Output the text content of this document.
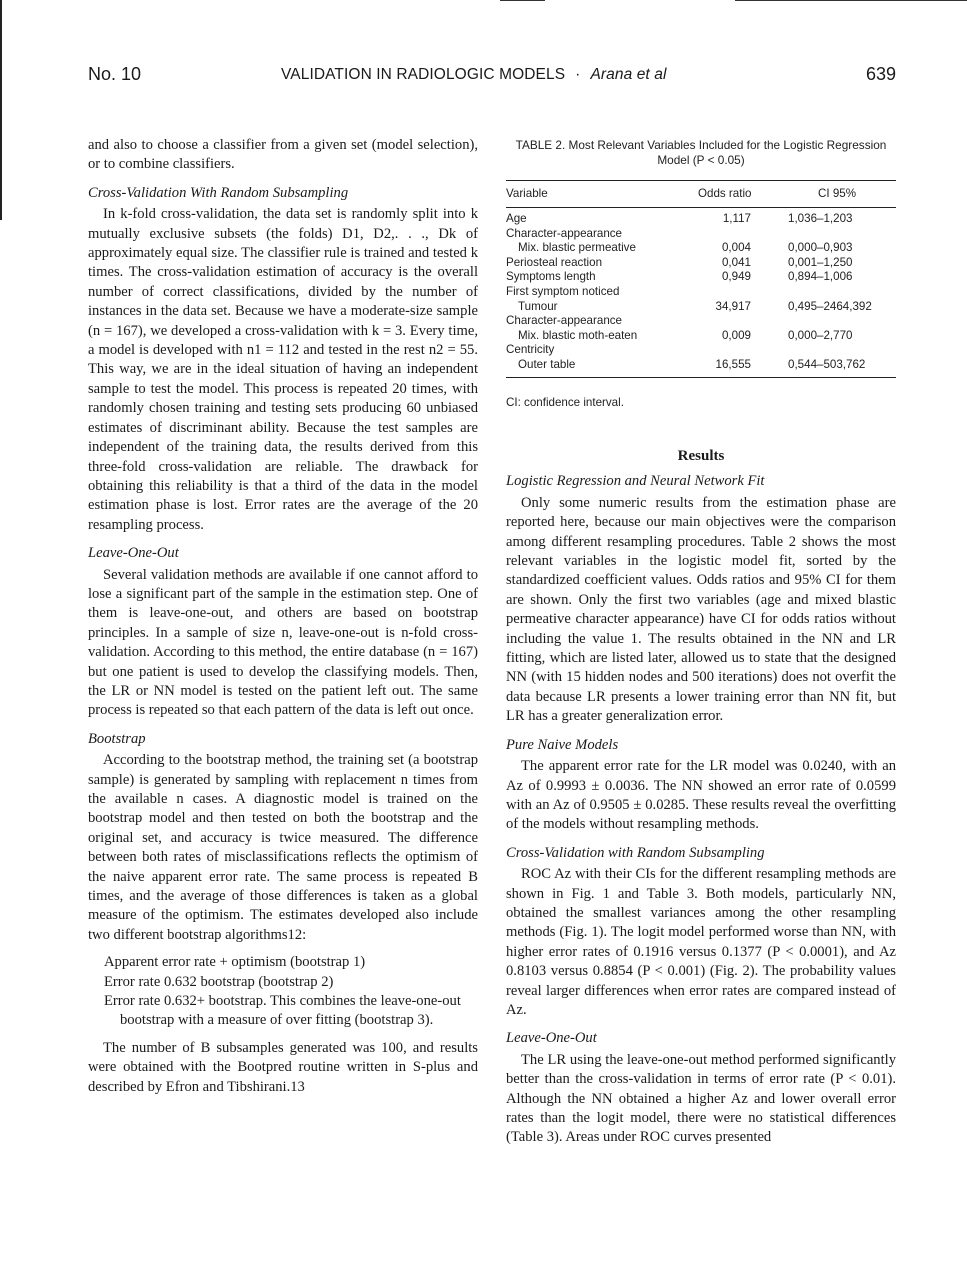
No. 10	VALIDATION IN RADIOLOGIC MODELS · Arana et al	639

and also to choose a classifier from a given set (model selection), or to combine classifiers.

Cross-Validation With Random Subsampling

In k-fold cross-validation, the data set is randomly split into k mutually exclusive subsets (the folds) D1, D2,. . ., Dk of approximately equal size. The classifier rule is trained and tested k times. The cross-validation estimation of accuracy is the overall number of correct classifications, divided by the number of instances in the data set. Because we have a moderate-size sample (n = 167), we developed a cross-validation with k = 3. Every time, a model is developed with n1 = 112 and tested in the rest n2 = 55. This way, we are in the ideal situation of having an independent sample to test the model. This process is repeated 20 times, with randomly chosen training and testing sets producing 60 unbiased estimates of discriminant ability. Because the test samples are independent of the training data, the results derived from this three-fold cross-validation are reliable. The drawback for obtaining this reliability is that a third of the data in the model estimation phase is lost. Error rates are the average of the 20 resampling process.

Leave-One-Out

Several validation methods are available if one cannot afford to lose a significant part of the sample in the estimation step. One of them is leave-one-out, and others are based on bootstrap principles. In a sample of size n, leave-one-out is n-fold cross-validation. According to this method, the entire database (n = 167) but one patient is used to develop the classifying models. Then, the LR or NN model is tested on the patient left out. The same process is repeated so that each pattern of the data is left out once.

Bootstrap

According to the bootstrap method, the training set (a bootstrap sample) is generated by sampling with replacement n times from the available n cases. A diagnostic model is trained on the bootstrap model and then tested on both the bootstrap and the original set, and accuracy is twice measured. The difference between both rates of misclassifications reflects the optimism of the naive apparent error rate. The same process is repeated B times, and the average of those differences is taken as a global measure of the optimism. The estimates developed also include two different bootstrap algorithms12:

Apparent error rate + optimism (bootstrap 1)
Error rate 0.632 bootstrap (bootstrap 2)
Error rate 0.632+ bootstrap. This combines the leave-one-out bootstrap with a measure of over fitting (bootstrap 3).

The number of B subsamples generated was 100, and results were obtained with the Bootpred routine written in S-plus and described by Efron and Tibshirani.13

TABLE 2. Most Relevant Variables Included for the Logistic Regression Model (P < 0.05)
Variable	Odds ratio	CI 95%
Age	1,117	1,036–1,203
Character-appearance
Mix. blastic permeative	0,004	0,000–0,903
Periosteal reaction	0,041	0,001–1,250
Symptoms length	0,949	0,894–1,006
First symptom noticed
Tumour	34,917	0,495–2464,392
Character-appearance
Mix. blastic moth-eaten	0,009	0,000–2,770
Centricity
Outer table	16,555	0,544–503,762
CI: confidence interval.
Results
Logistic Regression and Neural Network Fit

Only some numeric results from the estimation phase are reported here, because our main objectives were the comparison among different resampling procedures. Table 2 shows the most relevant variables in the logistic model fit, sorted by the standardized coefficient values. Odds ratios and 95% CI for them are shown. Only the first two variables (age and mixed blastic permeative character appearance) have CI for odds ratios without including the value 1. The results obtained in the NN and LR fitting, which are listed later, allowed us to state that the designed NN (with 15 hidden nodes and 500 iterations) does not overfit the data because LR presents a lower training error than NN fit, but LR has a greater generalization error.

Pure Naive Models

The apparent error rate for the LR model was 0.0240, with an Az of 0.9993 ± 0.0036. The NN showed an error rate of 0.0599 with an Az of 0.9505 ± 0.0285. These results reveal the overfitting of the models without resampling methods.

Cross-Validation with Random Subsampling

ROC Az with their CIs for the different resampling methods are shown in Fig. 1 and Table 3. Both models, particularly NN, obtained the smallest variances among the other resampling methods (Fig. 1). The logit model performed worse than NN, with higher error rates of 0.1916 versus 0.1377 (P < 0.0001), and Az 0.8103 versus 0.8854 (P < 0.001) (Fig. 2). The probability values reveal larger differences when error rates are compared instead of Az.

Leave-One-Out

The LR using the leave-one-out method performed significantly better than the cross-validation in terms of error rate (P < 0.01). Although the NN obtained a higher Az and lower overall error rates than the logit model, there were no statistical differences (Table 3). Areas under ROC curves presented
